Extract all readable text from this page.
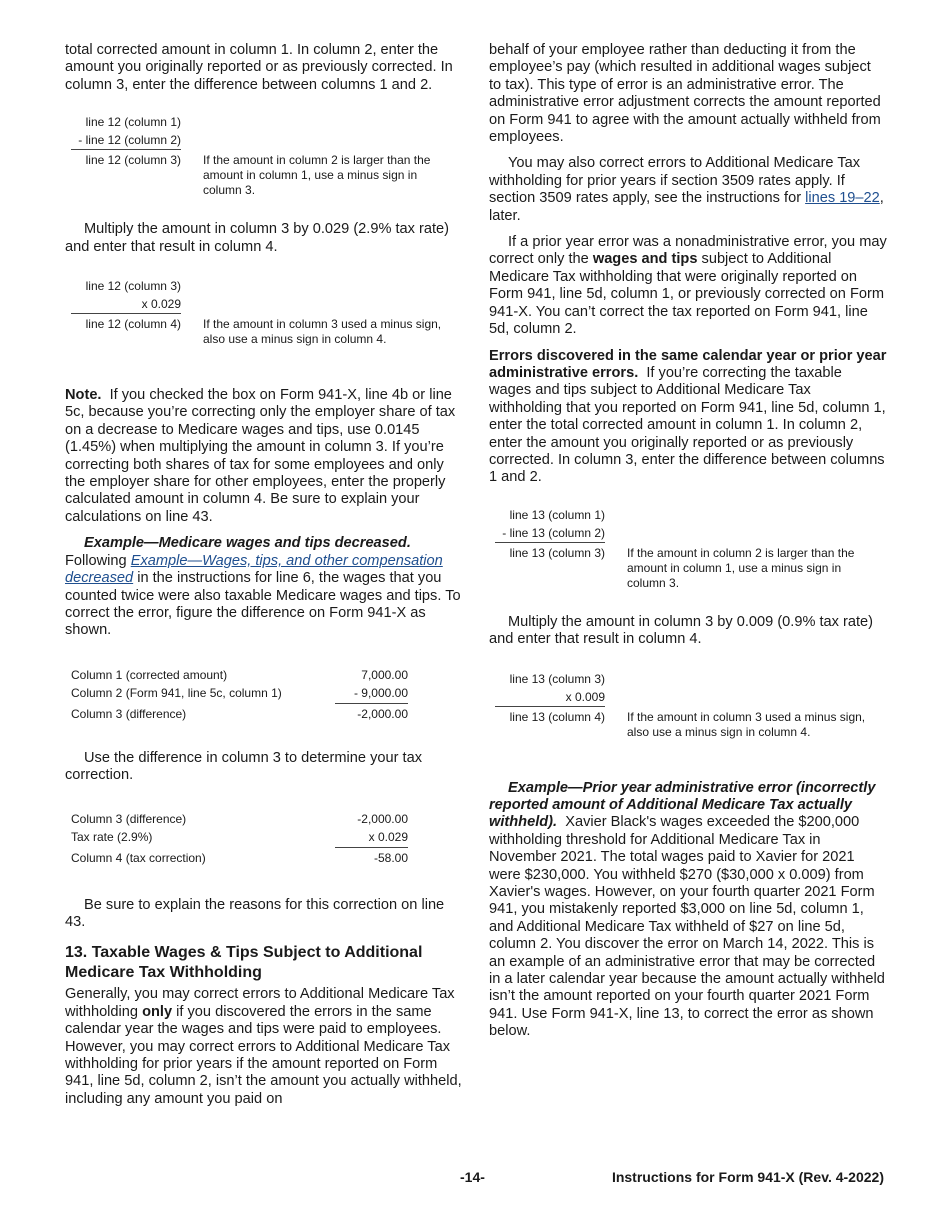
total corrected amount in column 1. In column 2, enter the amount you originally reported or as previously corrected. In column 3, enter the difference between columns 1 and 2.

line 12 (column 1)
- line 12 (column 2)
line 12 (column 3) If the amount in column 2 is larger than the amount in column 1, use a minus sign in column 3.

Multiply the amount in column 3 by 0.029 (2.9% tax rate) and enter that result in column 4.

line 12 (column 3)
x 0.029
line 12 (column 4) If the amount in column 3 used a minus sign, also use a minus sign in column 4.

Note. If you checked the box on Form 941-X, line 4b or line 5c, because you’re correcting only the employer share of tax on a decrease to Medicare wages and tips, use 0.0145 (1.45%) when multiplying the amount in column 3. If you’re correcting both shares of tax for some employees and only the employer share for other employees, enter the properly calculated amount in column 4. Be sure to explain your calculations on line 43.

Example—Medicare wages and tips decreased. Following Example—Wages, tips, and other compensation decreased in the instructions for line 6, the wages that you counted twice were also taxable Medicare wages and tips. To correct the error, figure the difference on Form 941-X as shown.

Column 1 (corrected amount)	7,000.00
Column 2 (Form 941, line 5c, column 1)	- 9,000.00
Column 3 (difference)	-2,000.00

Use the difference in column 3 to determine your tax correction.

Column 3 (difference)	-2,000.00
Tax rate (2.9%)	x 0.029
Column 4 (tax correction)	-58.00

Be sure to explain the reasons for this correction on line 43.

13. Taxable Wages & Tips Subject to Additional Medicare Tax Withholding

Generally, you may correct errors to Additional Medicare Tax withholding only if you discovered the errors in the same calendar year the wages and tips were paid to employees. However, you may correct errors to Additional Medicare Tax withholding for prior years if the amount reported on Form 941, line 5d, column 2, isn’t the amount you actually withheld, including any amount you paid on

behalf of your employee rather than deducting it from the employee’s pay (which resulted in additional wages subject to tax). This type of error is an administrative error. The administrative error adjustment corrects the amount reported on Form 941 to agree with the amount actually withheld from employees.

You may also correct errors to Additional Medicare Tax withholding for prior years if section 3509 rates apply. If section 3509 rates apply, see the instructions for lines 19–22, later.

If a prior year error was a nonadministrative error, you may correct only the wages and tips subject to Additional Medicare Tax withholding that were originally reported on Form 941, line 5d, column 1, or previously corrected on Form 941-X. You can’t correct the tax reported on Form 941, line 5d, column 2.

Errors discovered in the same calendar year or prior year administrative errors. If you’re correcting the taxable wages and tips subject to Additional Medicare Tax withholding that you reported on Form 941, line 5d, column 1, enter the total corrected amount in column 1. In column 2, enter the amount you originally reported or as previously corrected. In column 3, enter the difference between columns 1 and 2.

line 13 (column 1)
- line 13 (column 2)
line 13 (column 3) If the amount in column 2 is larger than the amount in column 1, use a minus sign in column 3.

Multiply the amount in column 3 by 0.009 (0.9% tax rate) and enter that result in column 4.

line 13 (column 3)
x 0.009
line 13 (column 4) If the amount in column 3 used a minus sign, also use a minus sign in column 4.

Example—Prior year administrative error (incorrectly reported amount of Additional Medicare Tax actually withheld). Xavier Black's wages exceeded the $200,000 withholding threshold for Additional Medicare Tax in November 2021. The total wages paid to Xavier for 2021 were $230,000. You withheld $270 ($30,000 x 0.009) from Xavier's wages. However, on your fourth quarter 2021 Form 941, you mistakenly reported $3,000 on line 5d, column 1, and Additional Medicare Tax withheld of $27 on line 5d, column 2. You discover the error on March 14, 2022. This is an example of an administrative error that may be corrected in a later calendar year because the amount actually withheld isn’t the amount reported on your fourth quarter 2021 Form 941. Use Form 941-X, line 13, to correct the error as shown below.

-14-	Instructions for Form 941-X (Rev. 4-2022)
